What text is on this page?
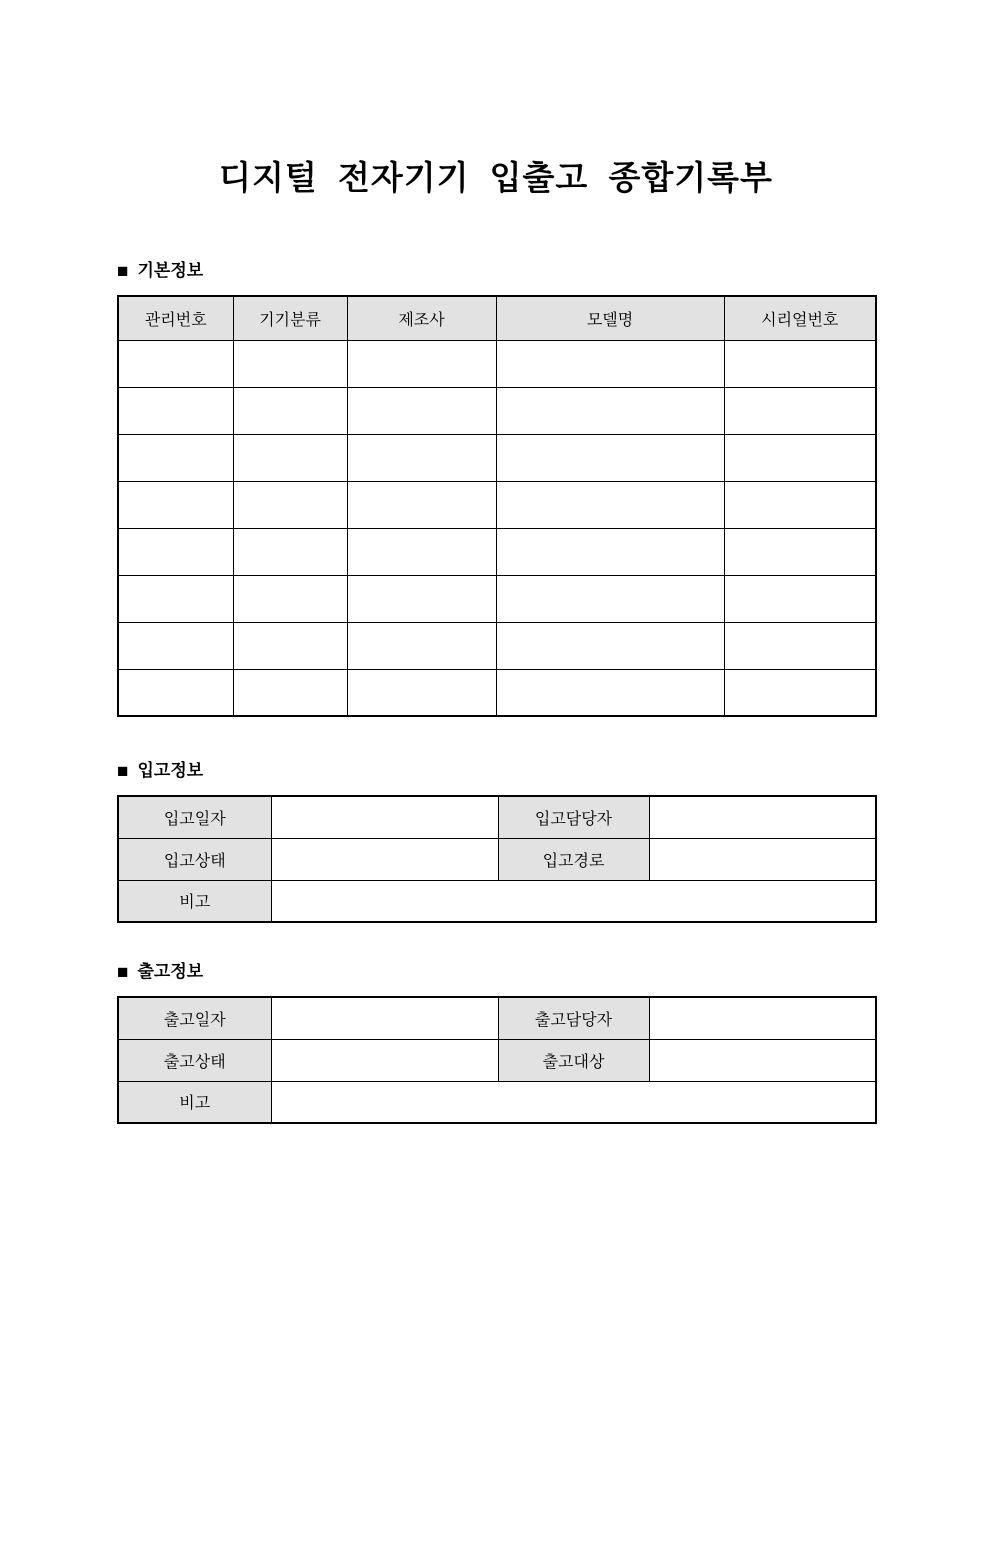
디지털 전자기기 입출고 종합기록부
■ 기본정보
관리번호	기기분류	제조사	모델명	시리얼번호

■ 입고정보
입고일자		입고담당자	
입고상태		입고경로	
비고			
■ 출고정보
출고일자		출고담당자	
출고상태		출고대상	
비고			
